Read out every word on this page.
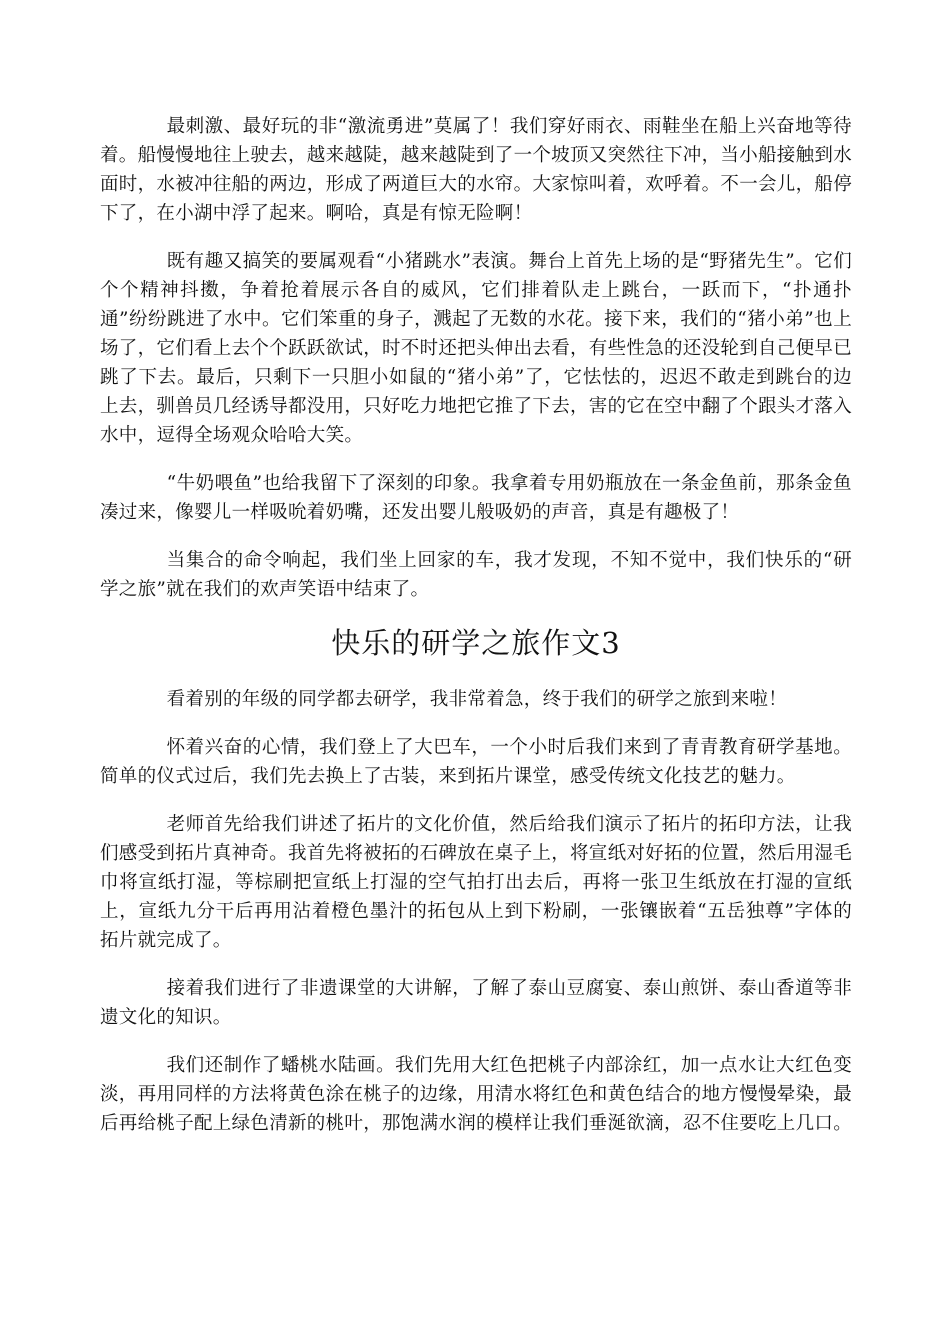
最刺激、最好玩的非“激流勇进”莫属了！我们穿好雨衣、雨鞋坐在船上兴奋地等待着。船慢慢地往上驶去，越来越陡，越来越陡到了一个坡顶又突然往下冲，当小船接触到水面时，水被冲往船的两边，形成了两道巨大的水帘。大家惊叫着，欢呼着。不一会儿，船停下了，在小湖中浮了起来。啊哈，真是有惊无险啊！

既有趣又搞笑的要属观看“小猪跳水”表演。舞台上首先上场的是“野猪先生”。它们个个精神抖擞，争着抢着展示各自的威风，它们排着队走上跳台，一跃而下，“扑通扑通”纷纷跳进了水中。它们笨重的身子，溅起了无数的水花。接下来，我们的“猪小弟”也上场了，它们看上去个个跃跃欲试，时不时还把头伸出去看，有些性急的还没轮到自己便早已跳了下去。最后，只剩下一只胆小如鼠的“猪小弟”了，它怯怯的，迟迟不敢走到跳台的边上去，驯兽员几经诱导都没用，只好吃力地把它推了下去，害的它在空中翻了个跟头才落入水中，逗得全场观众哈哈大笑。

“牛奶喂鱼”也给我留下了深刻的印象。我拿着专用奶瓶放在一条金鱼前，那条金鱼凑过来，像婴儿一样吸吮着奶嘴，还发出婴儿般吸奶的声音，真是有趣极了！

当集合的命令响起，我们坐上回家的车，我才发现，不知不觉中，我们快乐的“研学之旅”就在我们的欢声笑语中结束了。

快乐的研学之旅作文3

看着别的年级的同学都去研学，我非常着急，终于我们的研学之旅到来啦！

怀着兴奋的心情，我们登上了大巴车，一个小时后我们来到了青青教育研学基地。简单的仪式过后，我们先去换上了古装，来到拓片课堂，感受传统文化技艺的魅力。

老师首先给我们讲述了拓片的文化价值，然后给我们演示了拓片的拓印方法，让我们感受到拓片真神奇。我首先将被拓的石碑放在桌子上，将宣纸对好拓的位置，然后用湿毛巾将宣纸打湿，等棕刷把宣纸上打湿的空气拍打出去后，再将一张卫生纸放在打湿的宣纸上，宣纸九分干后再用沾着橙色墨汁的拓包从上到下粉刷，一张镶嵌着“五岳独尊”字体的拓片就完成了。

接着我们进行了非遗课堂的大讲解，了解了泰山豆腐宴、泰山煎饼、泰山香道等非遗文化的知识。

我们还制作了蟠桃水陆画。我们先用大红色把桃子内部涂红，加一点水让大红色变淡，再用同样的方法将黄色涂在桃子的边缘，用清水将红色和黄色结合的地方慢慢晕染，最后再给桃子配上绿色清新的桃叶，那饱满水润的模样让我们垂涎欲滴，忍不住要吃上几口。
